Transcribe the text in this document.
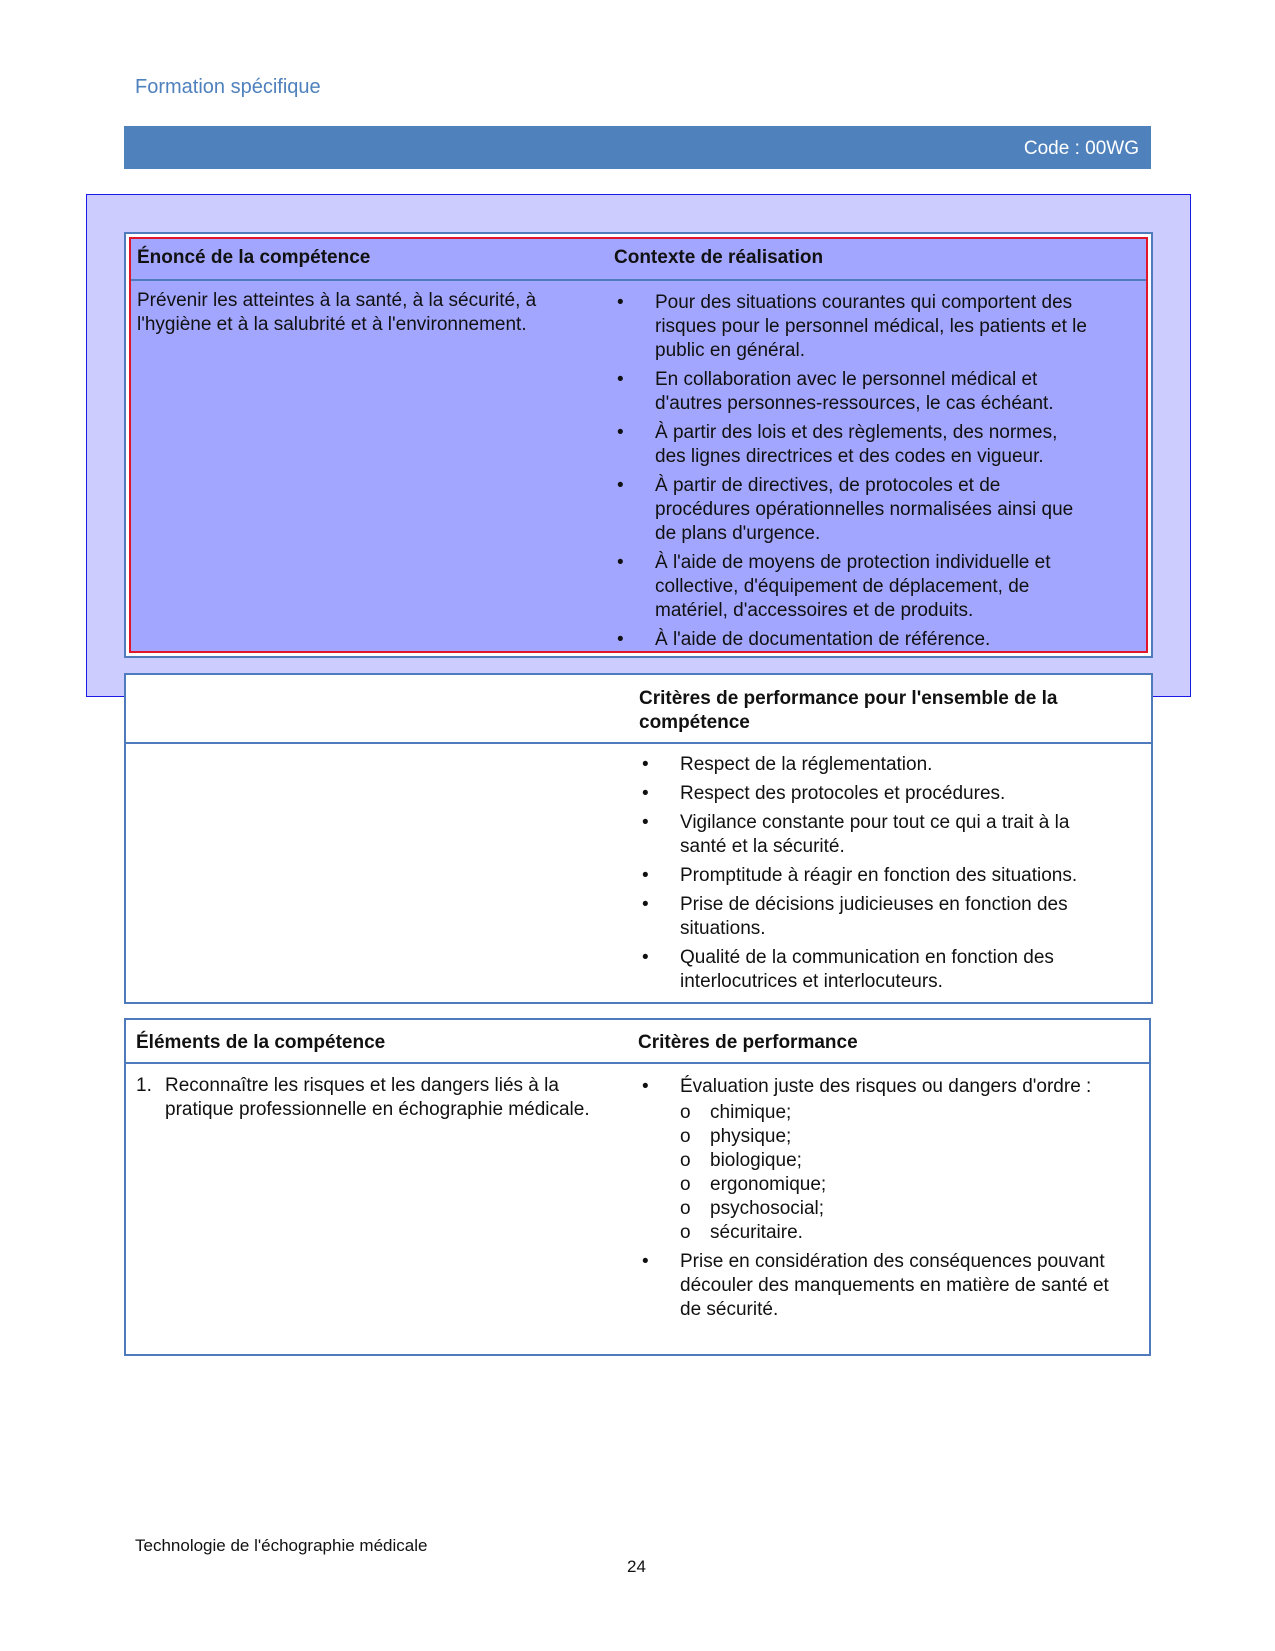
Formation spécifique
Code : 00WG
Énoncé de la compétence	Contexte de réalisation
Prévenir les atteintes à la santé, à la sécurité, à l'hygiène et à la salubrité et à l'environnement.
• Pour des situations courantes qui comportent des risques pour le personnel médical, les patients et le public en général.
• En collaboration avec le personnel médical et d'autres personnes-ressources, le cas échéant.
• À partir des lois et des règlements, des normes, des lignes directrices et des codes en vigueur.
• À partir de directives, de protocoles et de procédures opérationnelles normalisées ainsi que de plans d'urgence.
• À l'aide de moyens de protection individuelle et collective, d'équipement de déplacement, de matériel, d'accessoires et de produits.
• À l'aide de documentation de référence.
Critères de performance pour l'ensemble de la compétence
• Respect de la réglementation.
• Respect des protocoles et procédures.
• Vigilance constante pour tout ce qui a trait à la santé et la sécurité.
• Promptitude à réagir en fonction des situations.
• Prise de décisions judicieuses en fonction des situations.
• Qualité de la communication en fonction des interlocutrices et interlocuteurs.
Éléments de la compétence	Critères de performance
1. Reconnaître les risques et les dangers liés à la pratique professionnelle en échographie médicale.
• Évaluation juste des risques ou dangers d'ordre :
o chimique;
o physique;
o biologique;
o ergonomique;
o psychosocial;
o sécuritaire.
• Prise en considération des conséquences pouvant découler des manquements en matière de santé et de sécurité.
Technologie de l'échographie médicale
24
